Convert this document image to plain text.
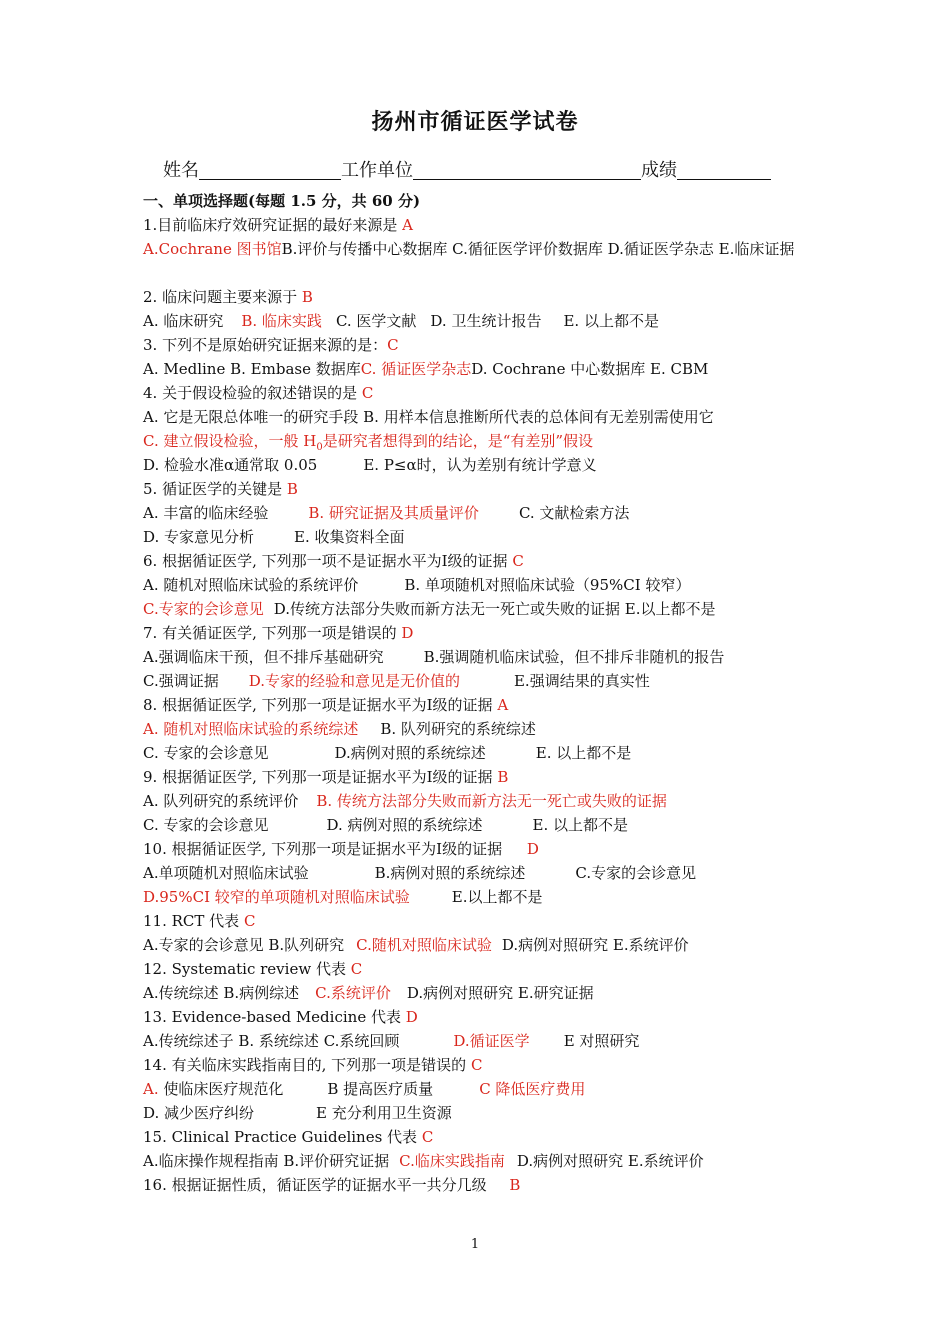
扬州市循证医学试卷
姓名	工作单位	成绩
一、单项选择题(每题 1.5 分，共 60 分)
1.目前临床疗效研究证据的最好来源是 A
A.Cochrane 图书馆B.评价与传播中心数据库 C.循征医学评价数据库 D.循证医学杂志 E.临床证据
2. 临床问题主要来源于 B
A. 临床研究 B. 临床实践 C. 医学文献 D. 卫生统计报告 E. 以上都不是
3. 下列不是原始研究证据来源的是：C
A. Medline B. Embase 数据库C. 循证医学杂志D. Cochrane 中心数据库 E. CBM
4. 关于假设检验的叙述错误的是 C
A. 它是无限总体唯一的研究手段 B. 用样本信息推断所代表的总体间有无差别需使用它
C. 建立假设检验，一般 $H_0$是研究者想得到的结论，是“有差别”假设
D. 检验水准α通常取 0.05	E. P≤α时，认为差别有统计学意义
5. 循证医学的关键是 B
A. 丰富的临床经验	B. 研究证据及其质量评价	C. 文献检索方法
D. 专家意见分析	E. 收集资料全面
6. 根据循证医学, 下列那一项不是证据水平为Ⅰ级的证据 C
A. 随机对照临床试验的系统评价	B. 单项随机对照临床试验（95%CI 较窄）
C.专家的会诊意见 D.传统方法部分失败而新方法无一死亡或失败的证据 E.以上都不是
7. 有关循证医学, 下列那一项是错误的 D
A.强调临床干预，但不排斥基础研究	B.强调随机临床试验，但不排斥非随机的报告
C.强调证据 D.专家的经验和意见是无价值的	E.强调结果的真实性
8. 根据循证医学, 下列那一项是证据水平为Ⅰ级的证据 A
A. 随机对照临床试验的系统综述 B. 队列研究的系统综述
C. 专家的会诊意见	D.病例对照的系统综述	E. 以上都不是
9. 根据循证医学, 下列那一项是证据水平为Ⅰ级的证据 B
A. 队列研究的系统评价 B. 传统方法部分失败而新方法无一死亡或失败的证据
C. 专家的会诊意见	D. 病例对照的系统综述	E. 以上都不是
10. 根据循证医学, 下列那一项是证据水平为Ⅰ级的证据 D
A.单项随机对照临床试验	B.病例对照的系统综述	C.专家的会诊意见
D.95%CI 较窄的单项随机对照临床试验	E.以上都不是
11. RCT 代表 C
A.专家的会诊意见 B.队列研究 C.随机对照临床试验 D.病例对照研究 E.系统评价
12. Systematic review 代表 C
A.传统综述 B.病例综述 C.系统评价 D.病例对照研究 E.研究证据
13. Evidence-based Medicine 代表 D
A.传统综述子 B. 系统综述 C.系统回顾	D.循证医学 E 对照研究
14. 有关临床实践指南目的, 下列那一项是错误的 C
A. 使临床医疗规范化	B 提高医疗质量	C 降低医疗费用
D. 减少医疗纠纷	E 充分利用卫生资源
15. Clinical Practice Guidelines 代表 C
A.临床操作规程指南 B.评价研究证据 C.临床实践指南 D.病例对照研究 E.系统评价
16. 根据证据性质，循证医学的证据水平一共分几级 B
1
